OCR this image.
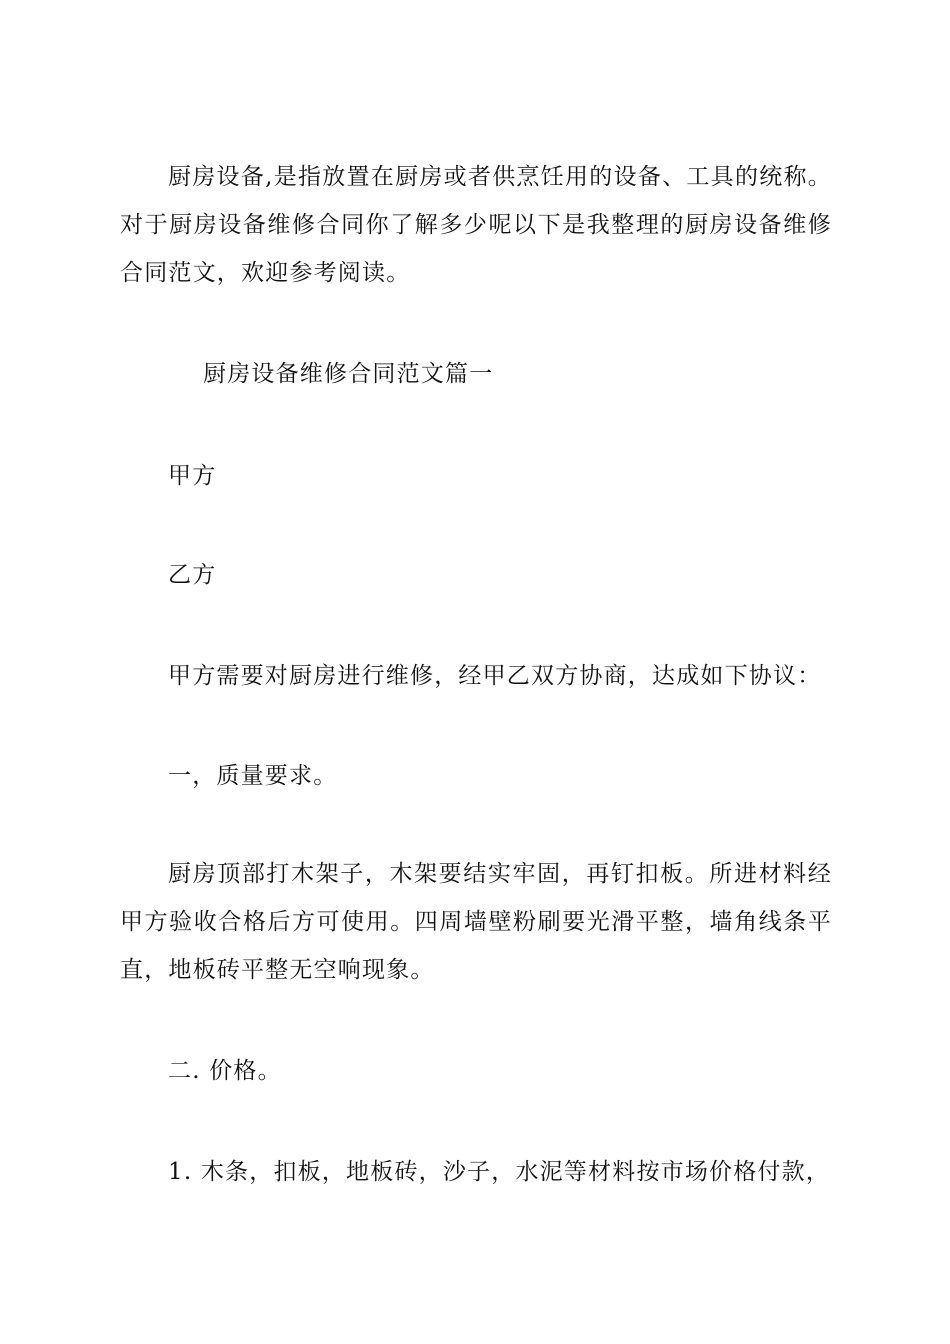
厨房设备,是指放置在厨房或者供烹饪用的设备、工具的统称。对于厨房设备维修合同你了解多少呢以下是我整理的厨房设备维修合同范文，欢迎参考阅读。

厨房设备维修合同范文篇一

甲方

乙方

甲方需要对厨房进行维修，经甲乙双方协商，达成如下协议：

一，质量要求。

厨房顶部打木架子，木架要结实牢固，再钉扣板。所进材料经甲方验收合格后方可使用。四周墙壁粉刷要光滑平整，墙角线条平直，地板砖平整无空响现象。

二. 价格。

1. 木条，扣板，地板砖，沙子，水泥等材料按市场价格付款，
